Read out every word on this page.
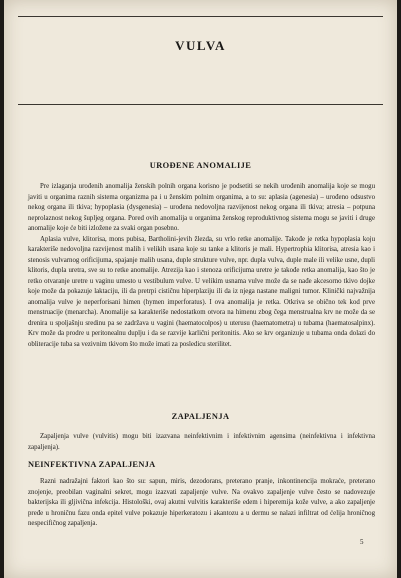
VULVA
UROĐENE ANOMALIJE

Pre izlaganja urođenih anomalija ženskih polnih organa korisno je podsetiti se nekih urođenih anomalija koje se mogu javiti u organima raznih sistema organizma pa i u ženskim polnim organima, a to su: aplasia (agenesia) – urođeno odsustvo nekog organa ili tkiva; hypoplasia (dysgenesia) – urođena nedovoljna razvijenost nekog organa ili tkiva; atresia – potpuna neprolaznost nekog šupljeg organa. Pored ovih anomalija u organima ženskog reproduktivnog sistema mogu se javiti i druge anomalije koje će biti izložene za svaki organ posebno.

Aplasia vulve, klitorisa, mons pubisa, Bartholini-jevih žlezda, su vrlo retke anomalije. Takođe je retka hypoplasia koju karakteriše nedovoljna razvijenost malih i velikih usana koje su tanke a klitoris je mali. Hypertrophia klitorisa, atresia kao i stenosis vulvarnog orificijuma, spajanje malih usana, duple strukture vulve, npr. dupla vulva, duple male ili velike usne, dupli klitoris, dupla uretra, sve su to retke anomalije. Atrezija kao i stenoza orificijuma uretre je takođe retka anomalija, kao što je retko otvaranje uretre u vaginu umesto u vestibulum vulve. U velikim usnama vulve može da se nađe akcesorno tkivo dojke koje može da pokazuje laktaciju, ili da pretrpi cističnu hiperplaziju ili da iz njega nastane maligni tumor. Klinički najvažnija anomalija vulve je neperforisani himen (hymen imperforatus). I ova anomalija je retka. Otkriva se obično tek kod prve menstruacije (menarcha). Anomalije sa karakteriše nedostatkom otvora na himenu zbog čega menstrualna krv ne može da se drenira u spoljašnju sredinu pa se zadržava u vagini (haematocolpos) u uterusu (haematometra) u tubama (haematosalpinx). Krv može da prodre u peritonealnu duplju i da se razvije karlični peritonitis. Ako se krv organizuje u tubama onda dolazi do obliteracije tuba sa vezivnim tkivom što može imati za posledicu sterilitet.

ZAPALJENJA

Zapaljenja vulve (vulvitis) mogu biti izazvana neinfektivnim i infektivnim agensima (neinfektivna i infektivna zapaljenja).

NEINFEKTIVNA ZAPALJENJA

Razni nadražajni faktori kao što su: sapun, miris, dezodorans, preterano pranje, inkontinencija mokraće, preterano znojenje, preobilan vaginalni sekret, mogu izazvati zapaljenje vulve. Na ovakvo zapaljenje vulve često se nadovezuje bakterijska ili gljivična infekcija. Histološki, ovaj akutni vulvitis karakteriše edem i hiperemija kože vulve, a ako zapaljenje pređe u hroničnu fazu onda epitel vulve pokazuje hiperkeratozu i akantozu a u dermu se nalazi infiltrat od ćelija hroničnog nespecifičnog zapaljenja.

5
